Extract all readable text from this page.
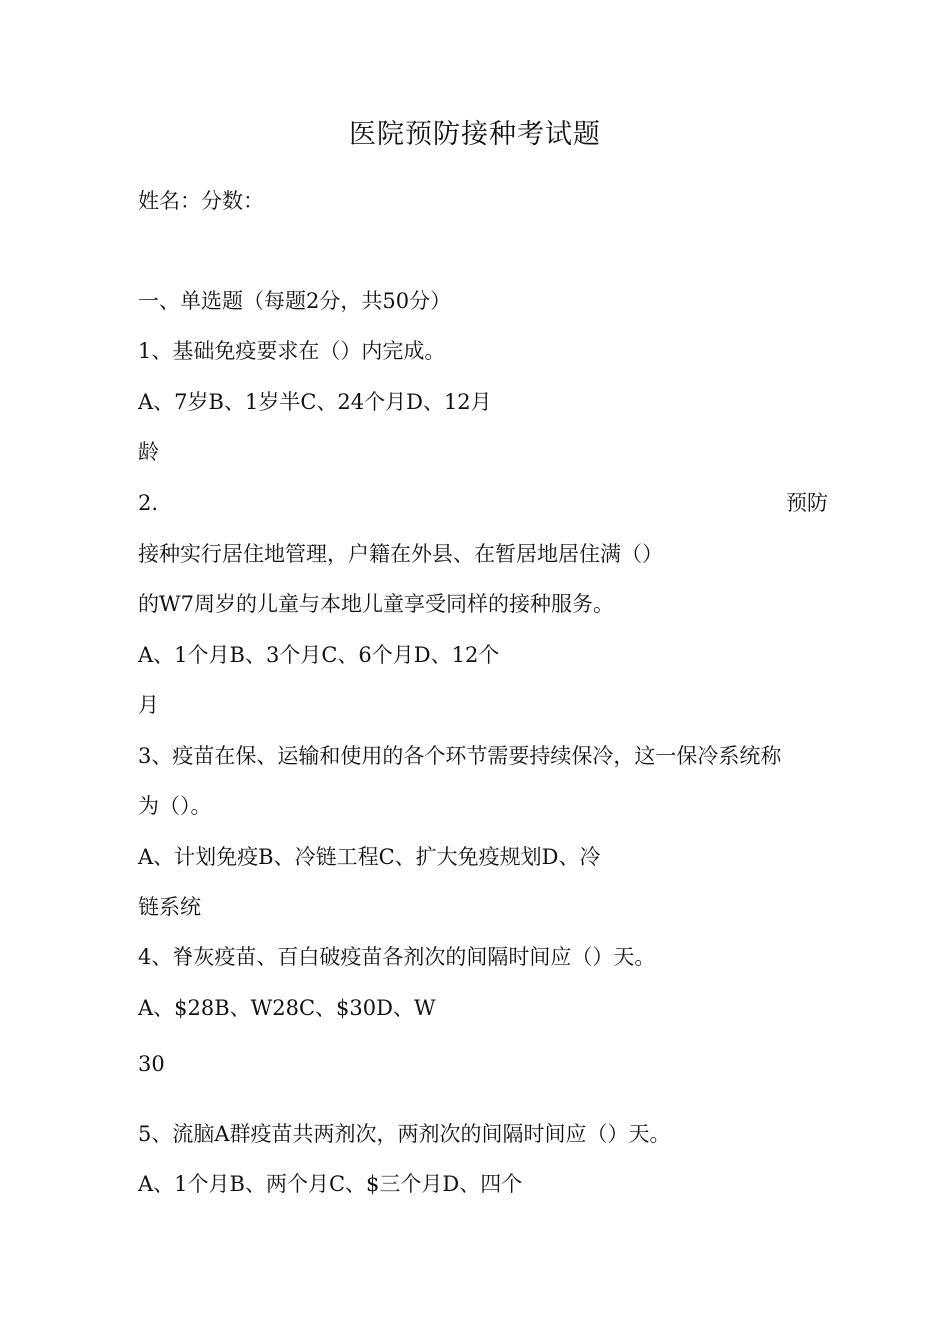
医院预防接种考试题
姓名：分数：
一、单选题（每题2分，共50分）
1、基础免疫要求在（）内完成。
A、7岁B、1岁半C、24个月D、12月
龄
2.	预防
接种实行居住地管理，户籍在外县、在暂居地居住满（）
的W7周岁的儿童与本地儿童享受同样的接种服务。
A、1个月B、3个月C、6个月D、12个
月
3、疫苗在保、运输和使用的各个环节需要持续保冷，这一保冷系统称
为（）。
A、计划免疫B、冷链工程C、扩大免疫规划D、冷
链系统
4、脊灰疫苗、百白破疫苗各剂次的间隔时间应（）天。
A、$28B、W28C、$30D、W
30
5、流脑A群疫苗共两剂次，两剂次的间隔时间应（）天。
A、1个月B、两个月C、$三个月D、四个
